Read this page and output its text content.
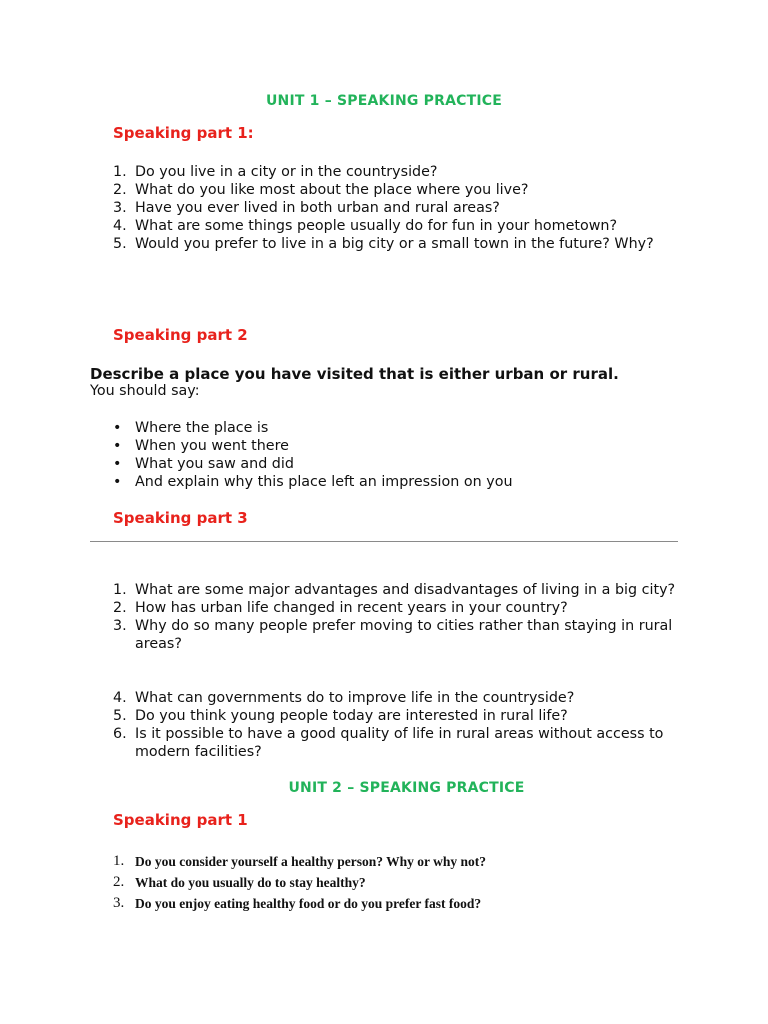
UNIT 1 – SPEAKING PRACTICE
Speaking part 1:
1. Do you live in a city or in the countryside?
2. What do you like most about the place where you live?
3. Have you ever lived in both urban and rural areas?
4. What are some things people usually do for fun in your hometown?
5. Would you prefer to live in a big city or a small town in the future? Why?
Speaking part 2
Describe a place you have visited that is either urban or rural.
You should say:
• Where the place is
• When you went there
• What you saw and did
• And explain why this place left an impression on you
Speaking part 3
1. What are some major advantages and disadvantages of living in a big city?
2. How has urban life changed in recent years in your country?
3. Why do so many people prefer moving to cities rather than staying in rural areas?
4. What can governments do to improve life in the countryside?
5. Do you think young people today are interested in rural life?
6. Is it possible to have a good quality of life in rural areas without access to modern facilities?
UNIT 2 – SPEAKING PRACTICE
Speaking part 1
1. Do you consider yourself a healthy person? Why or why not?
2. What do you usually do to stay healthy?
3. Do you enjoy eating healthy food or do you prefer fast food?
